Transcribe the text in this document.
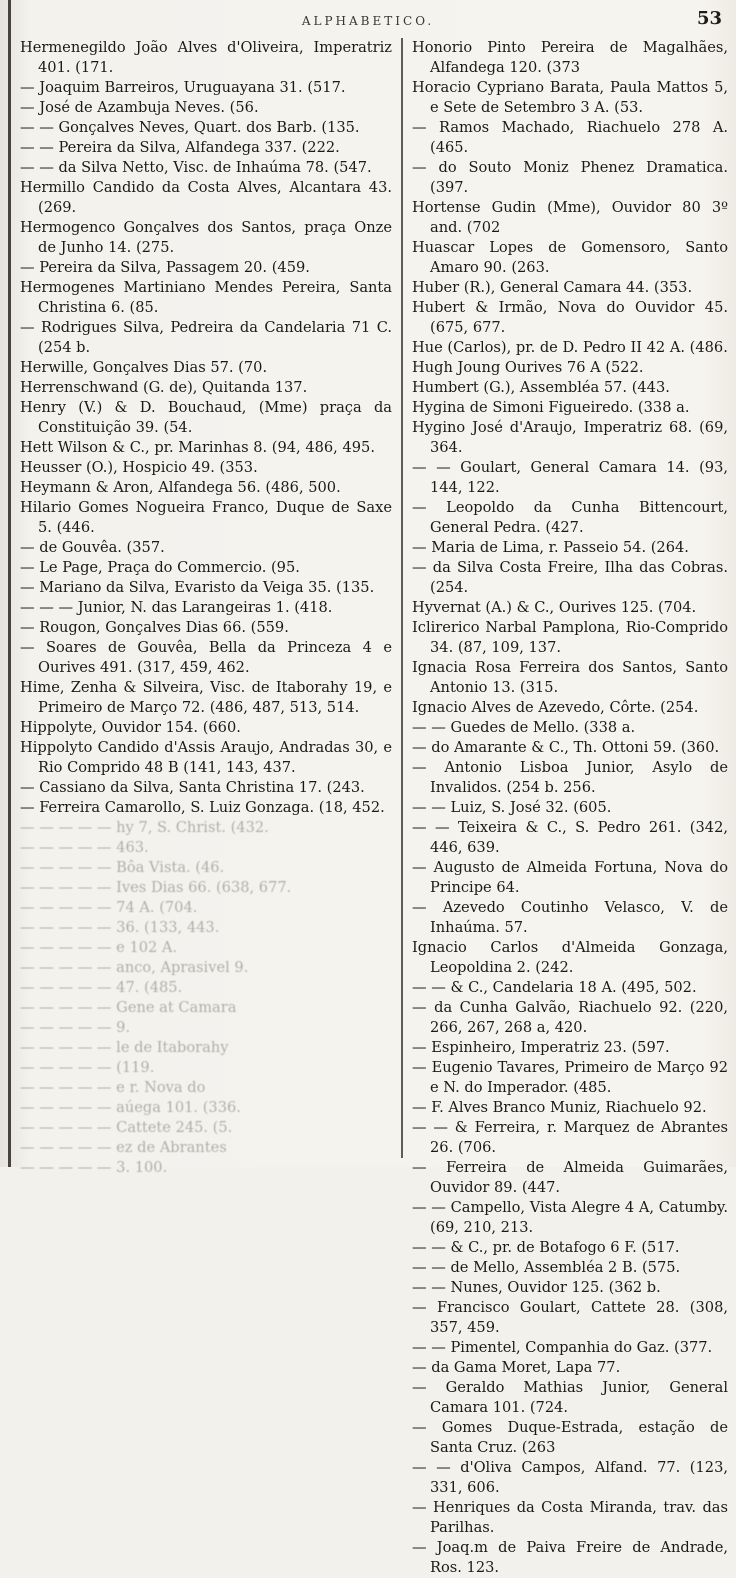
ALPHABETICO.	53

Hermenegildo João Alves d'Oliveira, Imperatriz 401. (171.

— Joaquim Barreiros, Uruguayana 31. (517.

— José de Azambuja Neves. (56.

— — Gonçalves Neves, Quart. dos Barb. (135.

— — Pereira da Silva, Alfandega 337. (222.

— — da Silva Netto, Visc. de Inhaúma 78. (547.

Hermillo Candido da Costa Alves, Alcantara 43. (269.

Hermogenco Gonçalves dos Santos, praça Onze de Junho 14. (275.

— Pereira da Silva, Passagem 20. (459.

Hermogenes Martiniano Mendes Pereira, Santa Christina 6. (85.

— Rodrigues Silva, Pedreira da Candelaria 71 C. (254 b.

Herwille, Gonçalves Dias 57. (70.

Herrenschwand (G. de), Quitanda 137.

Henry (V.) & D. Bouchaud, (Mme) praça da Constituição 39. (54.

Hett Wilson & C., pr. Marinhas 8. (94, 486, 495.

Heusser (O.), Hospicio 49. (353.

Heymann & Aron, Alfandega 56. (486, 500.

Hilario Gomes Nogueira Franco, Duque de Saxe 5. (446.

— de Gouvêa. (357.

— Le Page, Praça do Commercio. (95.

— Mariano da Silva, Evaristo da Veiga 35. (135.

— — — Junior, N. das Larangeiras 1. (418.

— Rougon, Gonçalves Dias 66. (559.

— Soares de Gouvêa, Bella da Princeza 4 e Ourives 491. (317, 459, 462.

Hime, Zenha & Silveira, Visc. de Itaborahy 19, e Primeiro de Março 72. (486, 487, 513, 514.

Hippolyte, Ouvidor 154. (660.

Hippolyto Candido d'Assis Araujo, Andradas 30, e Rio Comprido 48 B (141, 143, 437.

— Cassiano da Silva, Santa Christina 17. (243.

— Ferreira Camarollo, S. Luiz Gonzaga. (18, 452.

— — — — — hy 7, S. Christ. (432.

— — — — — 463.

— — — — — Bôa Vista. (46.

— — — — — Ives Dias 66. (638, 677.

— — — — — 74 A. (704.

— — — — — 36. (133, 443.

— — — — — e 102 A.

— — — — — anco, Aprasivel 9.

— — — — — 47. (485.

— — — — — Gene at Camara

— — — — — 9.

— — — — — le de Itaborahy

— — — — — (119.

— — — — — e r. Nova do

— — — — — aúega 101. (336.

— — — — — Cattete 245. (5.

— — — — — ez de Abrantes

— — — — — 3. 100.

Honorio Pinto Pereira de Magalhães, Alfandega 120. (373

Horacio Cypriano Barata, Paula Mattos 5, e Sete de Setembro 3 A. (53.

— Ramos Machado, Riachuelo 278 A. (465.

— do Souto Moniz Phenez Dramatica. (397.

Hortense Gudin (Mme), Ouvidor 80 3º and. (702

Huascar Lopes de Gomensoro, Santo Amaro 90. (263.

Huber (R.), General Camara 44. (353.

Hubert & Irmão, Nova do Ouvidor 45. (675, 677.

Hue (Carlos), pr. de D. Pedro II 42 A. (486.

Hugh Joung Ourives 76 A (522.

Humbert (G.), Assembléa 57. (443.

Hygina de Simoni Figueiredo. (338 a.

Hygino José d'Araujo, Imperatriz 68. (69, 364.

— — Goulart, General Camara 14. (93, 144, 122.

— Leopoldo da Cunha Bittencourt, General Pedra. (427.

— Maria de Lima, r. Passeio 54. (264.

— da Silva Costa Freire, Ilha das Cobras. (254.

Hyvernat (A.) & C., Ourives 125. (704.

Iclirerico Narbal Pamplona, Rio-Comprido 34. (87, 109, 137.

Ignacia Rosa Ferreira dos Santos, Santo Antonio 13. (315.

Ignacio Alves de Azevedo, Côrte. (254.

— — Guedes de Mello. (338 a.

— do Amarante & C., Th. Ottoni 59. (360.

— Antonio Lisboa Junior, Asylo de Invalidos. (254 b. 256.

— — Luiz, S. José 32. (605.

— — Teixeira & C., S. Pedro 261. (342, 446, 639.

— Augusto de Almeida Fortuna, Nova do Principe 64.

— Azevedo Coutinho Velasco, V. de Inhaúma. 57.

Ignacio Carlos d'Almeida Gonzaga, Leopoldina 2. (242.

— — & C., Candelaria 18 A. (495, 502.

— da Cunha Galvão, Riachuelo 92. (220, 266, 267, 268 a, 420.

— Espinheiro, Imperatriz 23. (597.

— Eugenio Tavares, Primeiro de Março 92 e N. do Imperador. (485.

— F. Alves Branco Muniz, Riachuelo 92.

— — & Ferreira, r. Marquez de Abrantes 26. (706.

— Ferreira de Almeida Guimarães, Ouvidor 89. (447.

— — Campello, Vista Alegre 4 A, Catumby. (69, 210, 213.

— — & C., pr. de Botafogo 6 F. (517.

— — de Mello, Assembléa 2 B. (575.

— — Nunes, Ouvidor 125. (362 b.

— Francisco Goulart, Cattete 28. (308, 357, 459.

— — Pimentel, Companhia do Gaz. (377.

— da Gama Moret, Lapa 77.

— Geraldo Mathias Junior, General Camara 101. (724.

— Gomes Duque-Estrada, estação de Santa Cruz. (263

— — d'Oliva Campos, Alfand. 77. (123, 331, 606.

— Henriques da Costa Miranda, trav. das Parilhas.

— Joaq.m de Paiva Freire de Andrade, Ros. 123.
